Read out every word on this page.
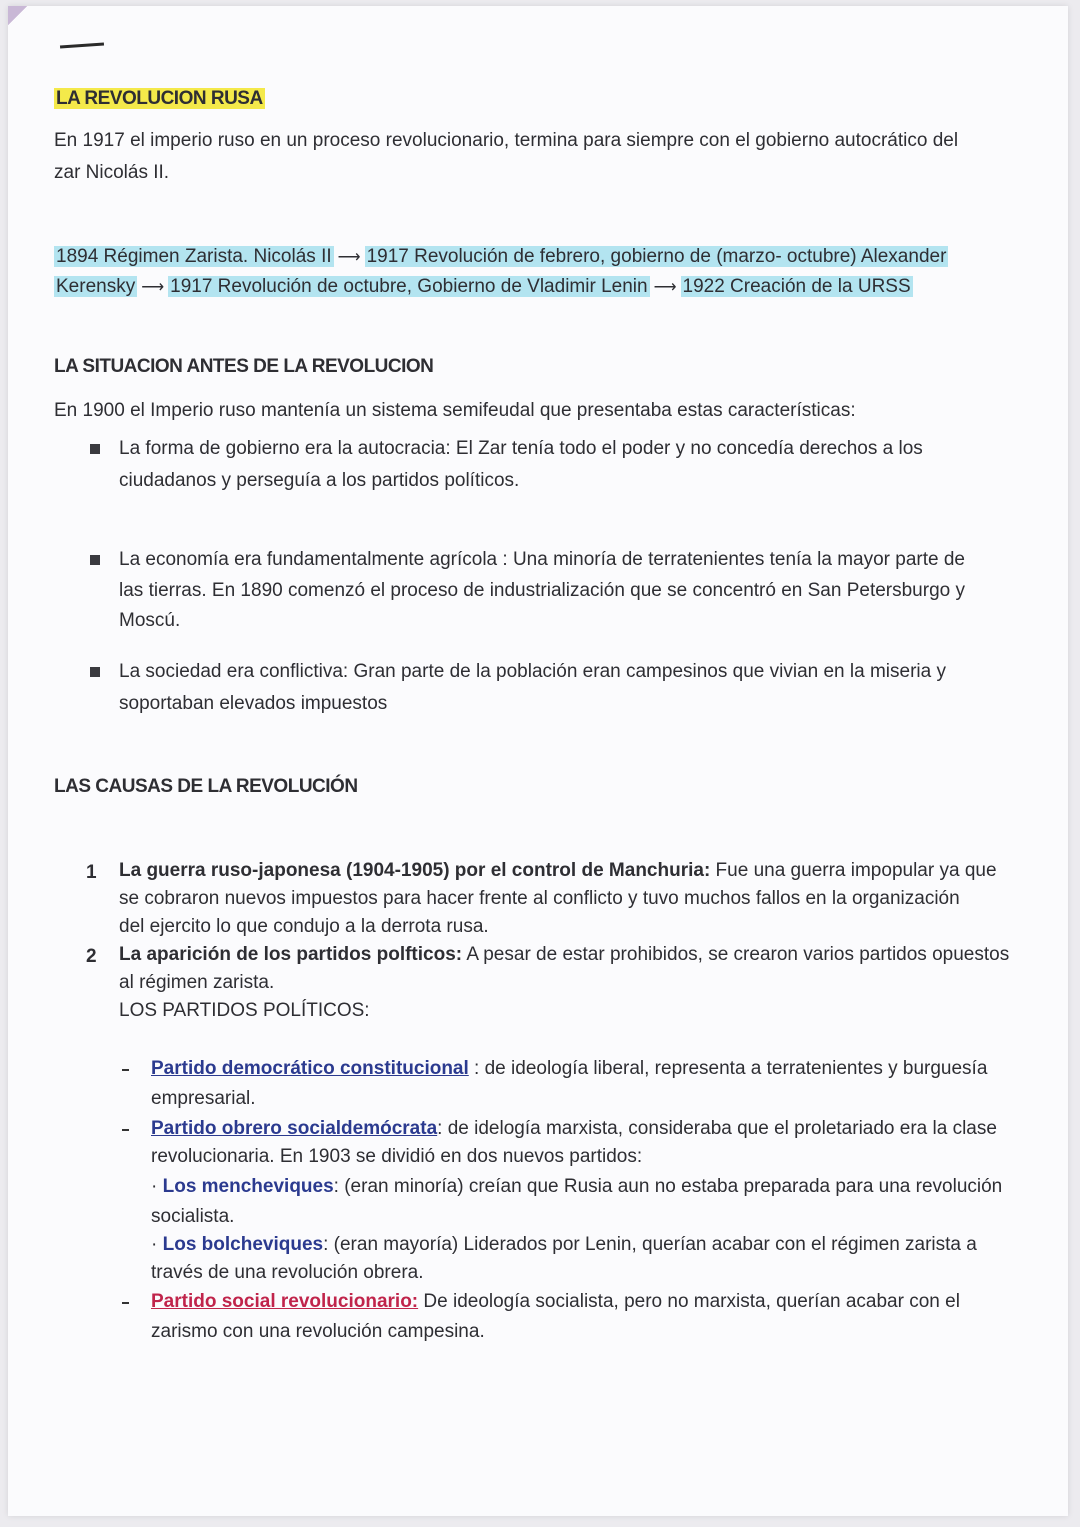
LA REVOLUCION RUSA
En 1917 el imperio ruso en un proceso revolucionario, termina para siempre con el gobierno autocrático del
zar Nicolás II.
1894 Régimen Zarista. Nicolás II ⟶ 1917 Revolución de febrero, gobierno de (marzo- octubre) Alexander
Kerensky ⟶ 1917 Revolución de octubre, Gobierno de Vladimir Lenin ⟶ 1922 Creación de la URSS
LA SITUACION ANTES DE LA REVOLUCION
En 1900 el Imperio ruso mantenía un sistema semifeudal que presentaba estas características:
La forma de gobierno era la autocracia: El Zar tenía todo el poder y no concedía derechos a los
ciudadanos y perseguía a los partidos políticos.
La economía era fundamentalmente agrícola : Una minoría de terratenientes tenía la mayor parte de
las tierras. En 1890 comenzó el proceso de industrialización que se concentró en San Petersburgo y
Moscú.
La sociedad era conflictiva: Gran parte de la población eran campesinos que vivian en la miseria y
soportaban elevados impuestos
LAS CAUSAS DE LA REVOLUCIÓN
1 La guerra ruso-japonesa (1904-1905) por el control de Manchuria: Fue una guerra impopular ya que
se cobraron nuevos impuestos para hacer frente al conflicto y tuvo muchos fallos en la organización
del ejercito lo que condujo a la derrota rusa.
2 La aparición de los partidos polfticos: A pesar de estar prohibidos, se crearon varios partidos opuestos
al régimen zarista.
LOS PARTIDOS POLÍTICOS:
Partido democrático constitucional : de ideología liberal, representa a terratenientes y burguesía
empresarial.
Partido obrero socialdemócrata: de idelogía marxista, consideraba que el proletariado era la clase
revolucionaria. En 1903 se dividió en dos nuevos partidos:
· Los mencheviques: (eran minoría) creían que Rusia aun no estaba preparada para una revolución
socialista.
· Los bolcheviques: (eran mayoría) Liderados por Lenin, querían acabar con el régimen zarista a
través de una revolución obrera.
Partido social revolucionario: De ideología socialista, pero no marxista, querían acabar con el
zarismo con una revolución campesina.
